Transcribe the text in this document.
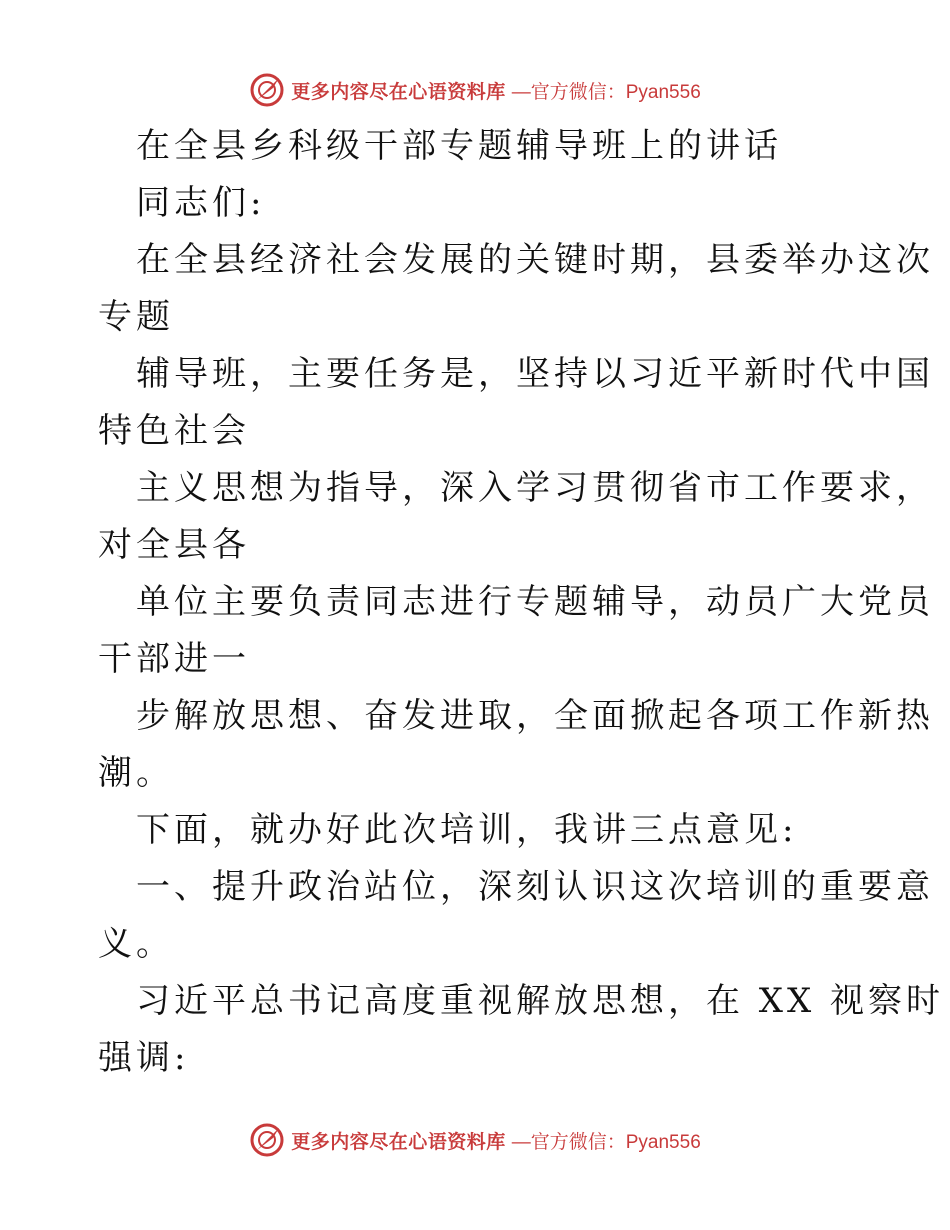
更多内容尽在心语资料库 —官方微信：Pyan556
在全县乡科级干部专题辅导班上的讲话
同志们:
在全县经济社会发展的关键时期，县委举办这次
专题
辅导班，主要任务是，坚持以习近平新时代中国
特色社会
主义思想为指导，深入学习贯彻省市工作要求，
对全县各
单位主要负责同志进行专题辅导，动员广大党员
干部进一
步解放思想、奋发进取，全面掀起各项工作新热
潮。
下面，就办好此次培训，我讲三点意见:
一、提升政治站位，深刻认识这次培训的重要意
义。
习近平总书记高度重视解放思想，在 XX 视察时
强调:
更多内容尽在心语资料库 —官方微信：Pyan556
